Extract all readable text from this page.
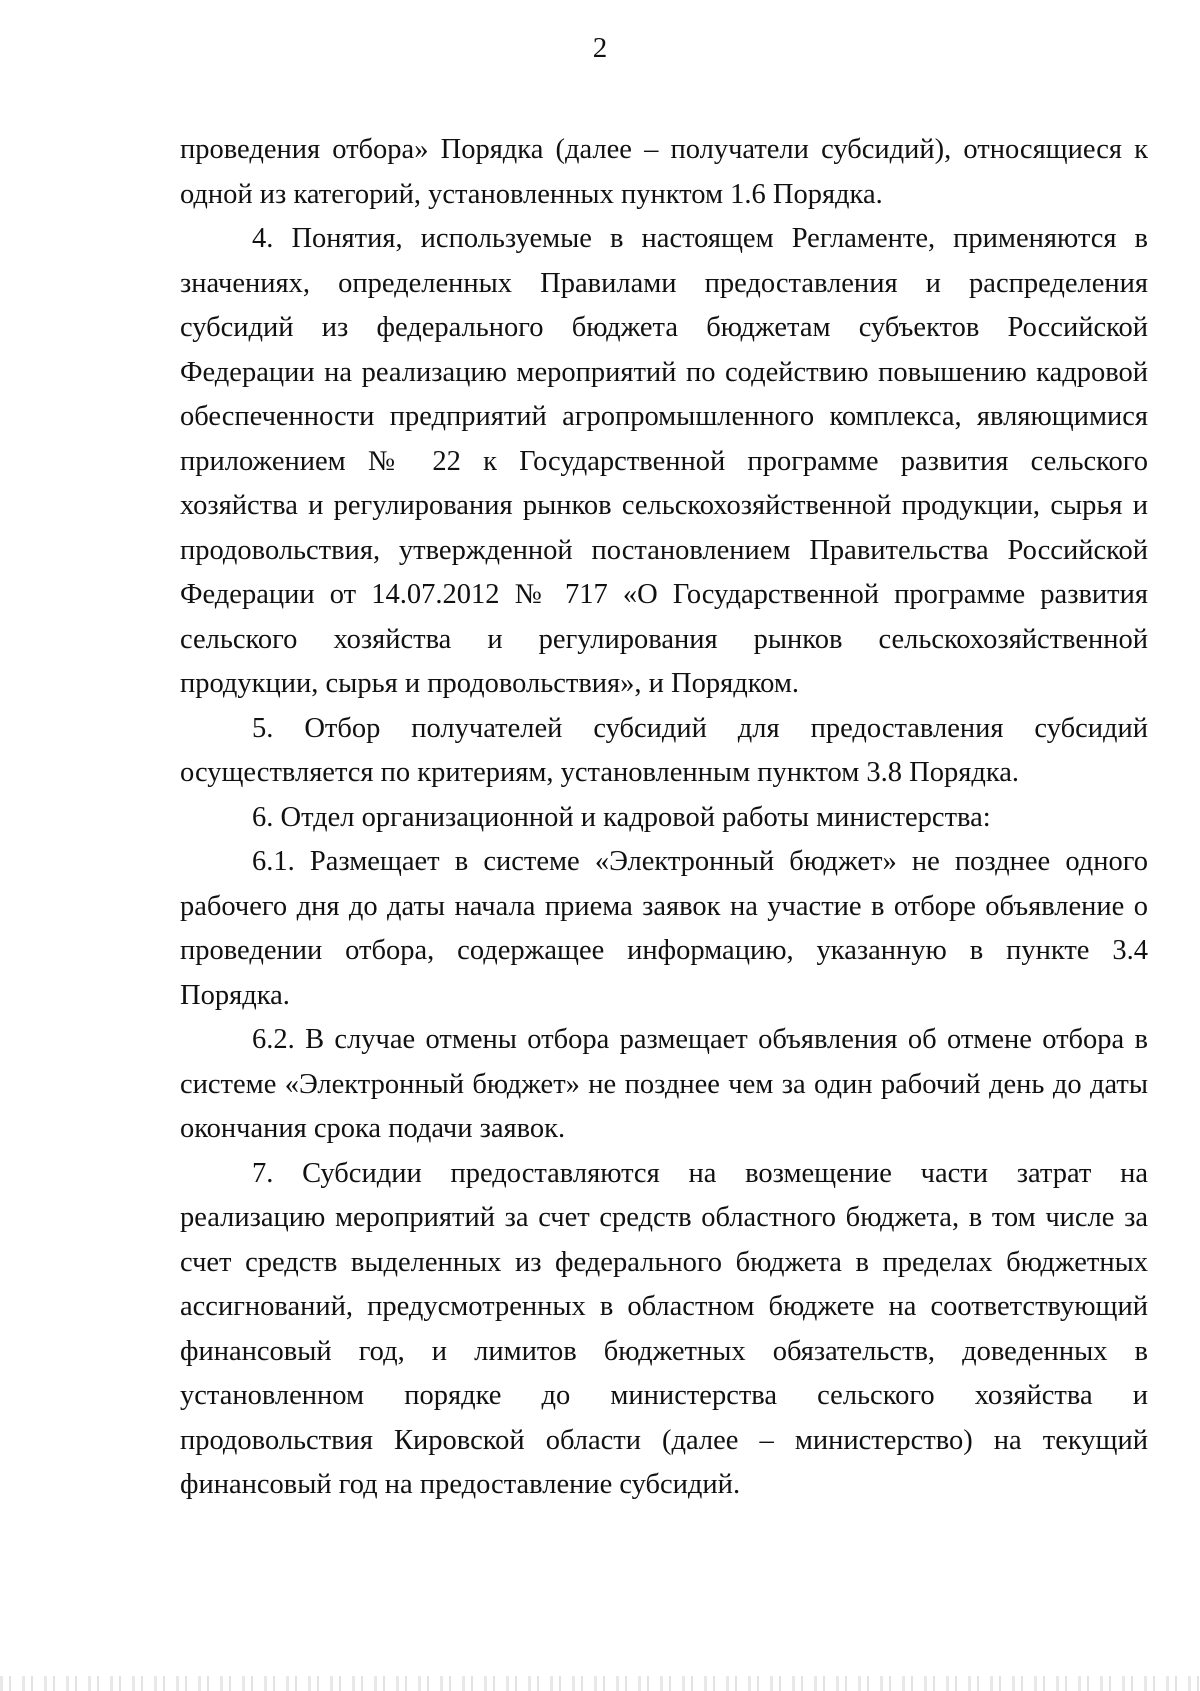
2

проведения отбора» Порядка (далее – получатели субсидий), относящиеся к одной из категорий, установленных пунктом 1.6 Порядка.

4. Понятия, используемые в настоящем Регламенте, применяются в значениях, определенных Правилами предоставления и распределения субсидий из федерального бюджета бюджетам субъектов Российской Федерации на реализацию мероприятий по содействию повышению кадровой обеспеченности предприятий агропромышленного комплекса, являющимися приложением № 22 к Государственной программе развития сельского хозяйства и регулирования рынков сельскохозяйственной продукции, сырья и продовольствия, утвержденной постановлением Правительства Российской Федерации от 14.07.2012 № 717 «О Государственной программе развития сельского хозяйства и регулирования рынков сельскохозяйственной продукции, сырья и продовольствия», и Порядком.

5. Отбор получателей субсидий для предоставления субсидий осуществляется по критериям, установленным пунктом 3.8 Порядка.

6. Отдел организационной и кадровой работы министерства:

6.1. Размещает в системе «Электронный бюджет» не позднее одного рабочего дня до даты начала приема заявок на участие в отборе объявление о проведении отбора, содержащее информацию, указанную в пункте 3.4 Порядка.

6.2. В случае отмены отбора размещает объявления об отмене отбора в системе «Электронный бюджет» не позднее чем за один рабочий день до даты окончания срока подачи заявок.

7. Субсидии предоставляются на возмещение части затрат на реализацию мероприятий за счет средств областного бюджета, в том числе за счет средств выделенных из федерального бюджета в пределах бюджетных ассигнований, предусмотренных в областном бюджете на соответствующий финансовый год, и лимитов бюджетных обязательств, доведенных в установленном порядке до министерства сельского хозяйства и продовольствия Кировской области (далее – министерство) на текущий финансовый год на предоставление субсидий.
